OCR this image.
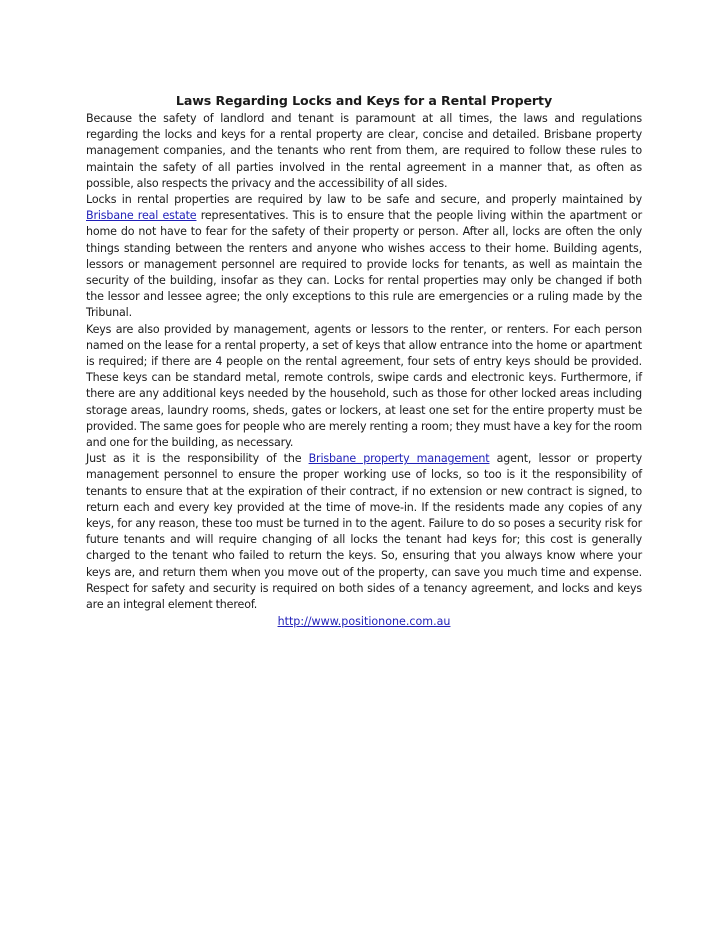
Laws Regarding Locks and Keys for a Rental Property

Because the safety of landlord and tenant is paramount at all times, the laws and regulations regarding the locks and keys for a rental property are clear, concise and detailed. Brisbane property management companies, and the tenants who rent from them, are required to follow these rules to maintain the safety of all parties involved in the rental agreement in a manner that, as often as possible, also respects the privacy and the accessibility of all sides.

Locks in rental properties are required by law to be safe and secure, and properly maintained by Brisbane real estate representatives. This is to ensure that the people living within the apartment or home do not have to fear for the safety of their property or person. After all, locks are often the only things standing between the renters and anyone who wishes access to their home. Building agents, lessors or management personnel are required to provide locks for tenants, as well as maintain the security of the building, insofar as they can. Locks for rental properties may only be changed if both the lessor and lessee agree; the only exceptions to this rule are emergencies or a ruling made by the Tribunal.

Keys are also provided by management, agents or lessors to the renter, or renters. For each person named on the lease for a rental property, a set of keys that allow entrance into the home or apartment is required; if there are 4 people on the rental agreement, four sets of entry keys should be provided. These keys can be standard metal, remote controls, swipe cards and electronic keys. Furthermore, if there are any additional keys needed by the household, such as those for other locked areas including storage areas, laundry rooms, sheds, gates or lockers, at least one set for the entire property must be provided. The same goes for people who are merely renting a room; they must have a key for the room and one for the building, as necessary.

Just as it is the responsibility of the Brisbane property management agent, lessor or property management personnel to ensure the proper working use of locks, so too is it the responsibility of tenants to ensure that at the expiration of their contract, if no extension or new contract is signed, to return each and every key provided at the time of move-in. If the residents made any copies of any keys, for any reason, these too must be turned in to the agent. Failure to do so poses a security risk for future tenants and will require changing of all locks the tenant had keys for; this cost is generally charged to the tenant who failed to return the keys. So, ensuring that you always know where your keys are, and return them when you move out of the property, can save you much time and expense. Respect for safety and security is required on both sides of a tenancy agreement, and locks and keys are an integral element thereof.

http://www.positionone.com.au
